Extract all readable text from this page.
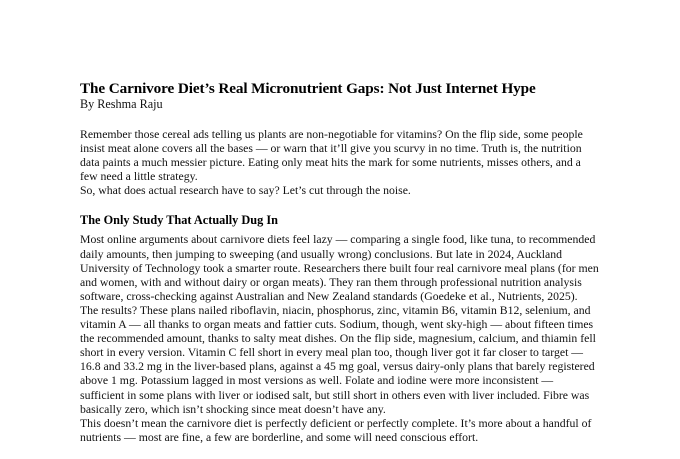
The Carnivore Diet’s Real Micronutrient Gaps: Not Just Internet Hype
By Reshma Raju

Remember those cereal ads telling us plants are non-negotiable for vitamins? On the flip side, some people insist meat alone covers all the bases — or warn that it’ll give you scurvy in no time. Truth is, the nutrition data paints a much messier picture. Eating only meat hits the mark for some nutrients, misses others, and a few need a little strategy.

So, what does actual research have to say? Let’s cut through the noise.

The Only Study That Actually Dug In

Most online arguments about carnivore diets feel lazy — comparing a single food, like tuna, to recommended daily amounts, then jumping to sweeping (and usually wrong) conclusions. But late in 2024, Auckland University of Technology took a smarter route. Researchers there built four real carnivore meal plans (for men and women, with and without dairy or organ meats). They ran them through professional nutrition analysis software, cross-checking against Australian and New Zealand standards (Goedeke et al., Nutrients, 2025).

The results? These plans nailed riboflavin, niacin, phosphorus, zinc, vitamin B6, vitamin B12, selenium, and vitamin A — all thanks to organ meats and fattier cuts. Sodium, though, went sky-high — about fifteen times the recommended amount, thanks to salty meat dishes. On the flip side, magnesium, calcium, and thiamin fell short in every version. Vitamin C fell short in every meal plan too, though liver got it far closer to target — 16.8 and 33.2 mg in the liver-based plans, against a 45 mg goal, versus dairy-only plans that barely registered above 1 mg. Potassium lagged in most versions as well. Folate and iodine were more inconsistent — sufficient in some plans with liver or iodised salt, but still short in others even with liver included. Fibre was basically zero, which isn’t shocking since meat doesn’t have any.

This doesn’t mean the carnivore diet is perfectly deficient or perfectly complete. It’s more about a handful of nutrients — most are fine, a few are borderline, and some will need conscious effort.
